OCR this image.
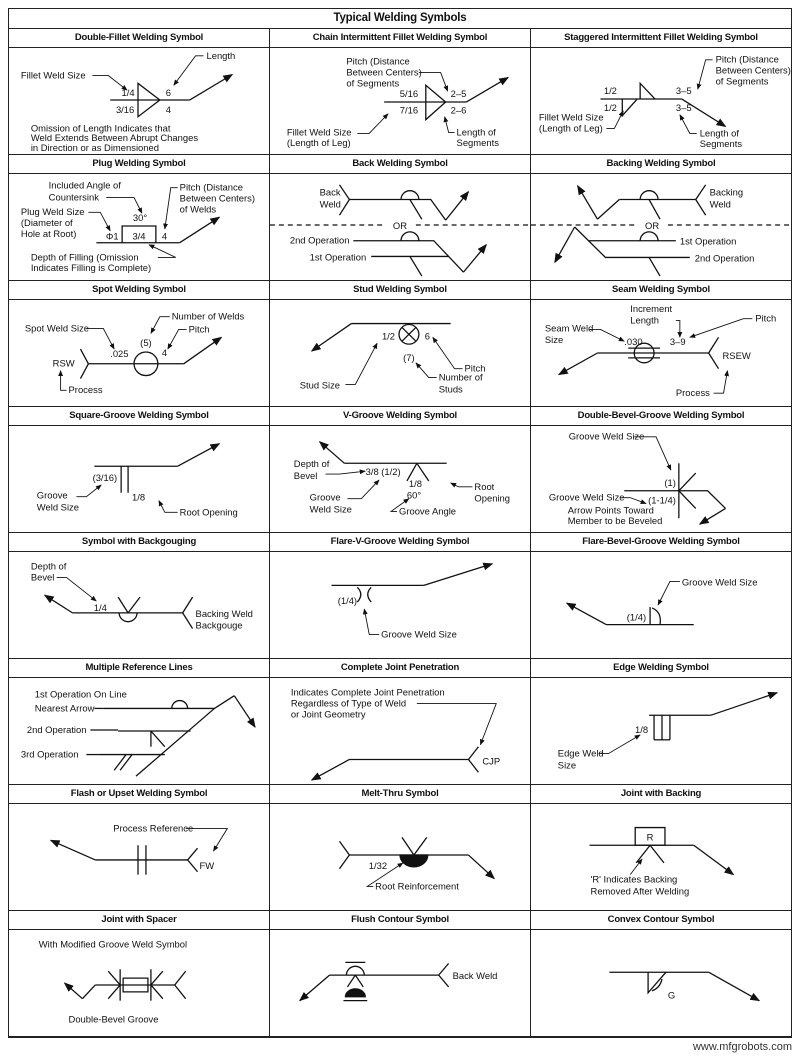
Typical Welding Symbols
Double-Fillet Welding Symbol
Fillet Weld Size
Length
1/4	6
3/16	4
Omission of Length Indicates that
Weld Extends Between Abrupt Changes
in Direction or as Dimensioned
Chain Intermittent Fillet Welding Symbol
Pitch (Distance
Between Centers)
of Segments
5/16	2–5
7/16	2–6
Fillet Weld Size
(Length of Leg)
Length of
Segments
Staggered Intermittent Fillet Welding Symbol
1/2	3–5
1/2	3–5
Pitch (Distance
Between Centers)
of Segments
Fillet Weld Size
(Length of Leg)	Length of
Segments
Plug Welding Symbol
Included Angle of
Countersink
30°
Pitch (Distance
Between Centers)
of Welds
Plug Weld Size
(Diameter of
Hole at Root)	Φ1 3/4 4
Depth of Filling (Omission
Indicates Filling is Complete)
Back Welding Symbol
Back
Weld
OR
2nd Operation
1st Operation
Backing Welding Symbol
Backing
Weld
OR
1st Operation
2nd Operation
Spot Welding Symbol
Spot Weld Size
(5)
Number of Welds
Pitch
.025	4
RSW
Process
Stud Welding Symbol
1/2	6
(7)
Pitch
Stud Size
Number of
Studs
Seam Welding Symbol
Increment
Length	Pitch
Seam Weld
Size	.030	3–9
RSEW
Process
Square-Groove Welding Symbol
(3/16)
1/8
Groove
Weld Size	Root Opening
V-Groove Welding Symbol
Depth of
Bevel	3/8 (1/2)
1/8
60°
Root
Opening
Groove
Weld Size	Groove Angle
Double-Bevel-Groove Welding Symbol
Groove Weld Size
(1)
(1-1/4)
Groove Weld Size
Arrow Points Toward
Member to be Beveled
Symbol with Backgouging
Depth of
Bevel
1/4
Backing Weld
Backgouge
Flare-V-Groove Welding Symbol
(1/4)
Groove Weld Size
Flare-Bevel-Groove Welding Symbol
(1/4)
Groove Weld Size
Multiple Reference Lines
1st Operation On Line
Nearest Arrow
2nd Operation
3rd Operation
Complete Joint Penetration
Indicates Complete Joint Penetration
Regardless of Type of Weld
or Joint Geometry
CJP
Edge Welding Symbol
1/8
Edge Weld
Size
Flash or Upset Welding Symbol
Process Reference
FW
Melt-Thru Symbol
1/32
Root Reinforcement
Joint with Backing
R
'R' Indicates Backing
Removed After Welding
Joint with Spacer
With Modified Groove Weld Symbol
Double-Bevel Groove
Flush Contour Symbol
Back Weld
Convex Contour Symbol
G
www.mfgrobots.com
